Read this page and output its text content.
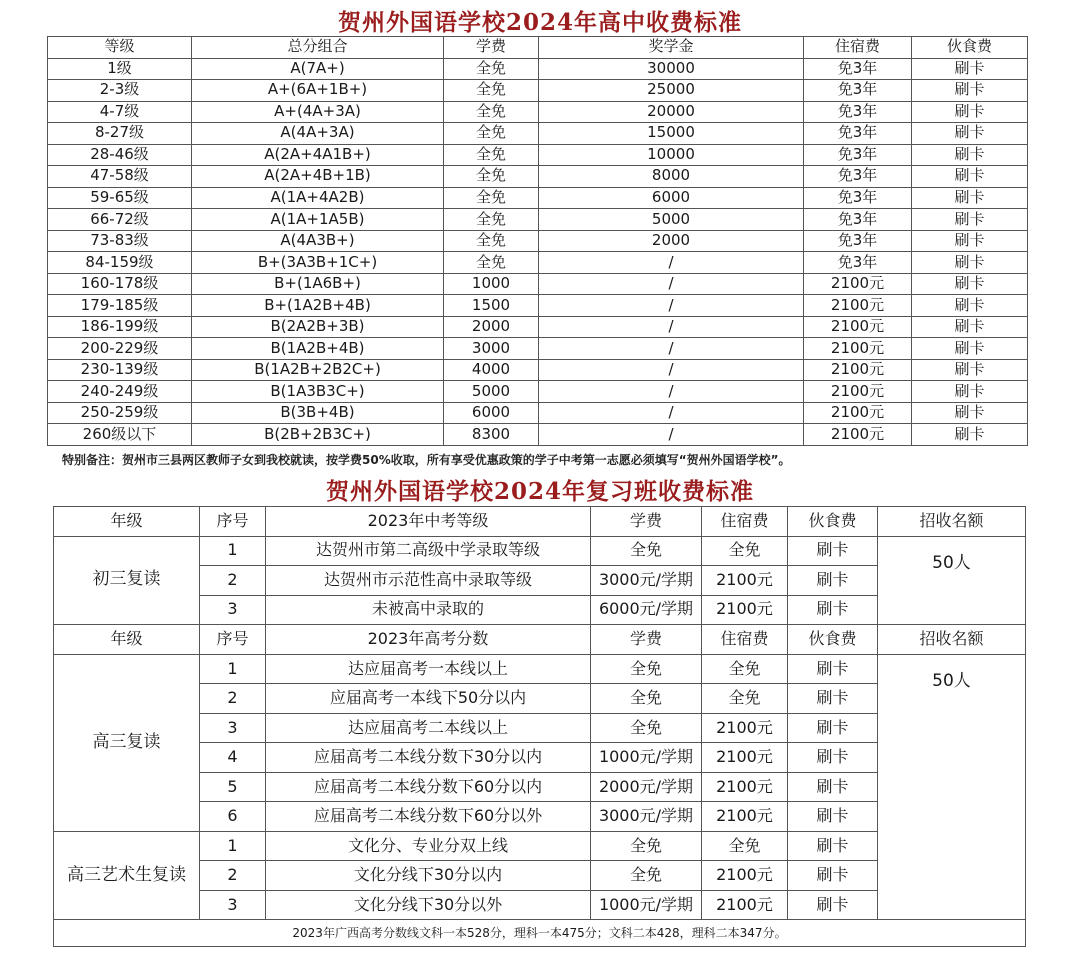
贺州外国语学校2024年高中收费标准
等级	总分组合	学费	奖学金	住宿费	伙食费
1级	A(7A+)	全免	30000	免3年	刷卡
2-3级	A+(6A+1B+)	全免	25000	免3年	刷卡
4-7级	A+(4A+3A)	全免	20000	免3年	刷卡
8-27级	A(4A+3A)	全免	15000	免3年	刷卡
28-46级	A(2A+4A1B+)	全免	10000	免3年	刷卡
47-58级	A(2A+4B+1B)	全免	8000	免3年	刷卡
59-65级	A(1A+4A2B)	全免	6000	免3年	刷卡
66-72级	A(1A+1A5B)	全免	5000	免3年	刷卡
73-83级	A(4A3B+)	全免	2000	免3年	刷卡
84-159级	B+(3A3B+1C+)	全免	/	免3年	刷卡
160-178级	B+(1A6B+)	1000	/	2100元	刷卡
179-185级	B+(1A2B+4B)	1500	/	2100元	刷卡
186-199级	B(2A2B+3B)	2000	/	2100元	刷卡
200-229级	B(1A2B+4B)	3000	/	2100元	刷卡
230-139级	B(1A2B+2B2C+)	4000	/	2100元	刷卡
240-249级	B(1A3B3C+)	5000	/	2100元	刷卡
250-259级	B(3B+4B)	6000	/	2100元	刷卡
260级以下	B(2B+2B3C+)	8300	/	2100元	刷卡
特别备注：贺州市三县两区教师子女到我校就读，按学费50%收取，所有享受优惠政策的学子中考第一志愿必须填写“贺州外国语学校”。
贺州外国语学校2024年复习班收费标准
年级	序号	2023年中考等级	学费	住宿费	伙食费	招收名额
初三复读	1	达贺州市第二高级中学录取等级	全免	全免	刷卡	50人
	2	达贺州市示范性高中录取等级	3000元/学期	2100元	刷卡	
	3	未被高中录取的	6000元/学期	2100元	刷卡	
年级	序号	2023年高考分数	学费	住宿费	伙食费	招收名额
高三复读	1	达应届高考一本线以上	全免	全免	刷卡	50人
	2	应届高考一本线下50分以内	全免	全免	刷卡	
	3	达应届高考二本线以上	全免	2100元	刷卡	
	4	应届高考二本线分数下30分以内	1000元/学期	2100元	刷卡	
	5	应届高考二本线分数下60分以内	2000元/学期	2100元	刷卡	
	6	应届高考二本线分数下60分以外	3000元/学期	2100元	刷卡	
高三艺术生复读	1	文化分、专业分双上线	全免	全免	刷卡	
	2	文化分线下30分以内	全免	2100元	刷卡	
	3	文化分线下30分以外	1000元/学期	2100元	刷卡	
2023年广西高考分数线文科一本528分，理科一本475分；文科二本428，理科二本347分。						
